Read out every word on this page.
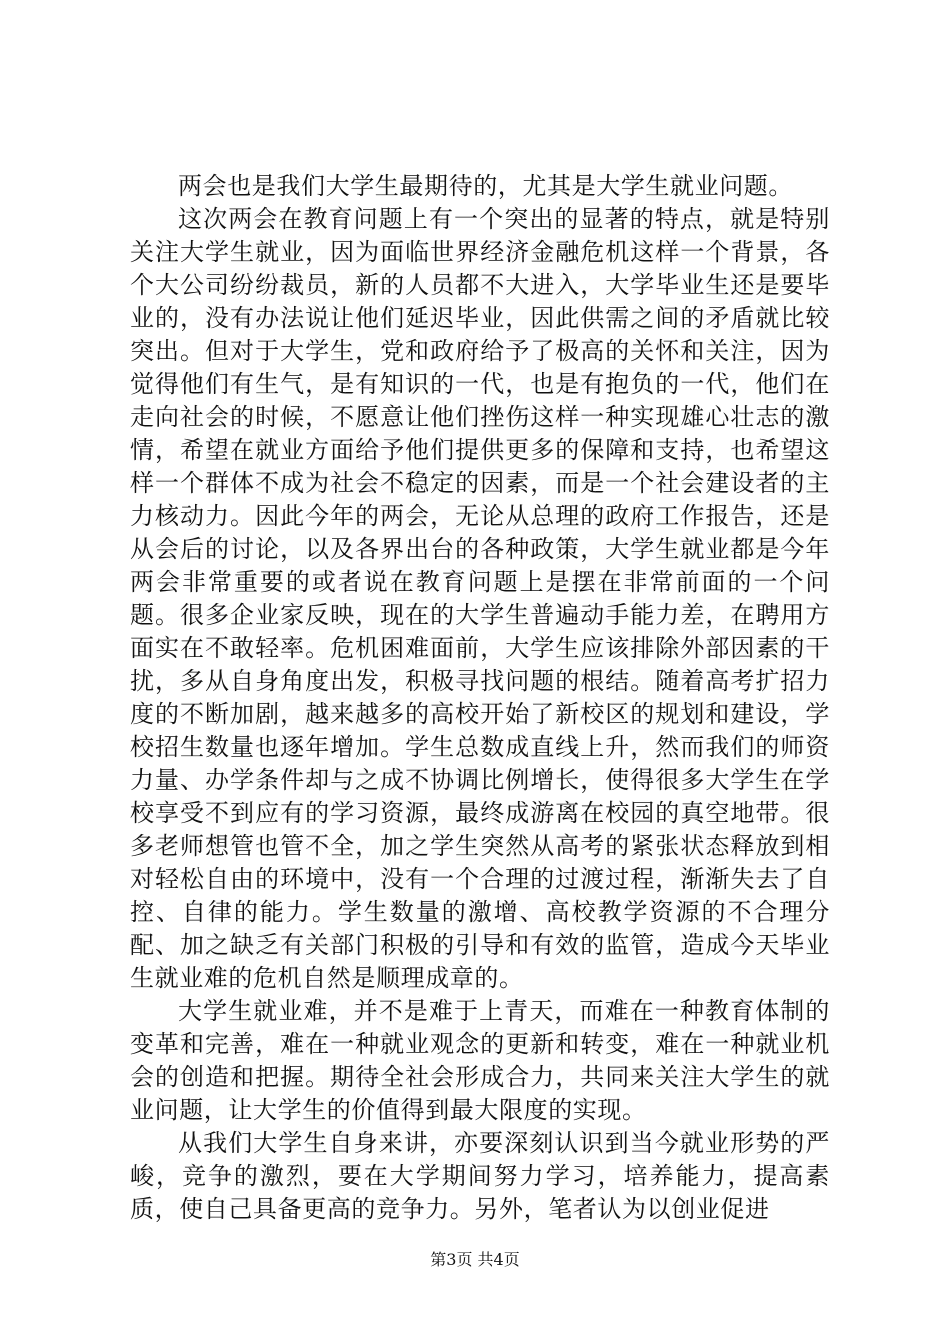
两会也是我们大学生最期待的，尤其是大学生就业问题。

这次两会在教育问题上有一个突出的显著的特点，就是特别关注大学生就业，因为面临世界经济金融危机这样一个背景，各个大公司纷纷裁员，新的人员都不大进入，大学毕业生还是要毕业的，没有办法说让他们延迟毕业，因此供需之间的矛盾就比较突出。但对于大学生，党和政府给予了极高的关怀和关注，因为觉得他们有生气，是有知识的一代，也是有抱负的一代，他们在走向社会的时候，不愿意让他们挫伤这样一种实现雄心壮志的激情，希望在就业方面给予他们提供更多的保障和支持，也希望这样一个群体不成为社会不稳定的因素，而是一个社会建设者的主力核动力。因此今年的两会，无论从总理的政府工作报告，还是从会后的讨论，以及各界出台的各种政策，大学生就业都是今年两会非常重要的或者说在教育问题上是摆在非常前面的一个问题。很多企业家反映，现在的大学生普遍动手能力差，在聘用方面实在不敢轻率。危机困难面前，大学生应该排除外部因素的干扰，多从自身角度出发，积极寻找问题的根结。随着高考扩招力度的不断加剧，越来越多的高校开始了新校区的规划和建设，学校招生数量也逐年增加。学生总数成直线上升，然而我们的师资力量、办学条件却与之成不协调比例增长，使得很多大学生在学校享受不到应有的学习资源，最终成游离在校园的真空地带。很多老师想管也管不全，加之学生突然从高考的紧张状态释放到相对轻松自由的环境中，没有一个合理的过渡过程，渐渐失去了自控、自律的能力。学生数量的激增、高校教学资源的不合理分配、加之缺乏有关部门积极的引导和有效的监管，造成今天毕业生就业难的危机自然是顺理成章的。

大学生就业难，并不是难于上青天，而难在一种教育体制的变革和完善，难在一种就业观念的更新和转变，难在一种就业机会的创造和把握。期待全社会形成合力，共同来关注大学生的就业问题，让大学生的价值得到最大限度的实现。

从我们大学生自身来讲，亦要深刻认识到当今就业形势的严峻，竞争的激烈，要在大学期间努力学习，培养能力，提高素质，使自己具备更高的竞争力。另外，笔者认为以创业促进

第3页 共4页
